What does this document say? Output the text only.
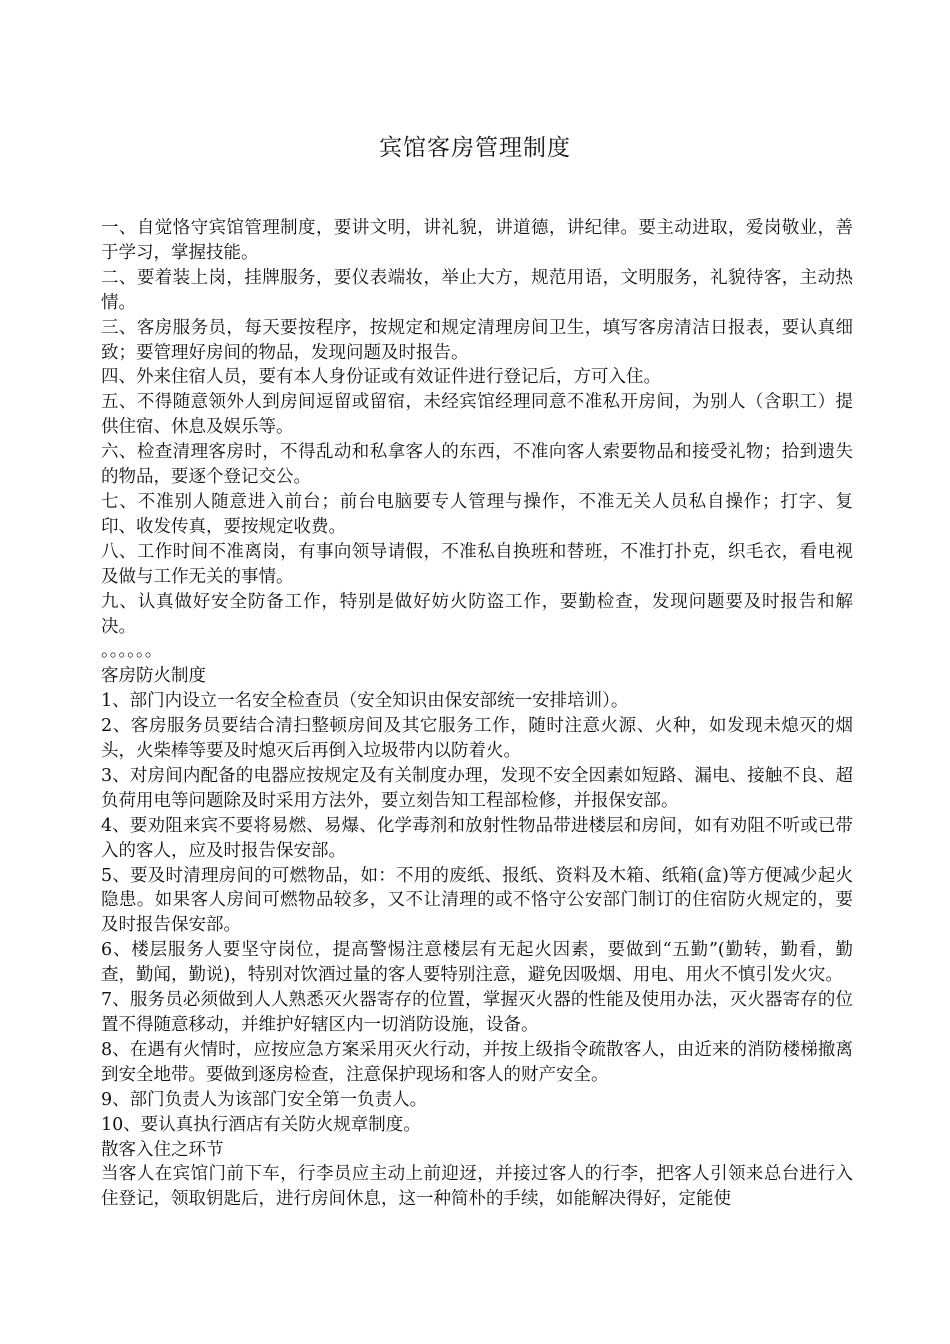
宾馆客房管理制度

一、自觉恪守宾馆管理制度，要讲文明，讲礼貌，讲道德，讲纪律。要主动进取，爱岗敬业，善于学习，掌握技能。

二、要着装上岗，挂牌服务，要仪表端妆，举止大方，规范用语，文明服务，礼貌待客，主动热情。

三、客房服务员，每天要按程序，按规定和规定清理房间卫生，填写客房清洁日报表，要认真细致；要管理好房间的物品，发现问题及时报告。

四、外来住宿人员，要有本人身份证或有效证件进行登记后，方可入住。

五、不得随意领外人到房间逗留或留宿，未经宾馆经理同意不准私开房间，为别人（含职工）提供住宿、休息及娱乐等。

六、检查清理客房时，不得乱动和私拿客人的东西，不准向客人索要物品和接受礼物；拾到遗失的物品，要逐个登记交公。

七、不准别人随意进入前台；前台电脑要专人管理与操作，不准无关人员私自操作；打字、复印、收发传真，要按规定收费。

八、工作时间不准离岗，有事向领导请假，不准私自换班和替班，不准打扑克，织毛衣，看电视及做与工作无关的事情。

九、认真做好安全防备工作，特别是做好妨火防盗工作，要勤检查，发现问题要及时报告和解决。

。。。。。。

客房防火制度

1、部门内设立一名安全检查员（安全知识由保安部统一安排培训）。

2、客房服务员要结合清扫整顿房间及其它服务工作，随时注意火源、火种，如发现未熄灭的烟头，火柴棒等要及时熄灭后再倒入垃圾带内以防着火。

3、对房间内配备的电器应按规定及有关制度办理，发现不安全因素如短路、漏电、接触不良、超负荷用电等问题除及时采用方法外，要立刻告知工程部检修，并报保安部。

4、要劝阻来宾不要将易燃、易爆、化学毒剂和放射性物品带进楼层和房间，如有劝阻不听或已带入的客人，应及时报告保安部。

5、要及时清理房间的可燃物品，如：不用的废纸、报纸、资料及木箱、纸箱(盒)等方便减少起火隐患。如果客人房间可燃物品较多，又不让清理的或不恪守公安部门制订的住宿防火规定的，要及时报告保安部。

6、楼层服务人要坚守岗位，提高警惕注意楼层有无起火因素，要做到“五勤”(勤转，勤看，勤查，勤闻，勤说)，特别对饮酒过量的客人要特别注意，避免因吸烟、用电、用火不慎引发火灾。

7、服务员必须做到人人熟悉灭火器寄存的位置，掌握灭火器的性能及使用办法，灭火器寄存的位置不得随意移动，并维护好辖区内一切消防设施，设备。

8、在遇有火情时，应按应急方案采用灭火行动，并按上级指令疏散客人，由近来的消防楼梯撤离到安全地带。要做到逐房检查，注意保护现场和客人的财产安全。

9、部门负责人为该部门安全第一负责人。

10、要认真执行酒店有关防火规章制度。

散客入住之环节

当客人在宾馆门前下车，行李员应主动上前迎迓，并接过客人的行李，把客人引领来总台进行入住登记，领取钥匙后，进行房间休息，这一种简朴的手续，如能解决得好，定能使
